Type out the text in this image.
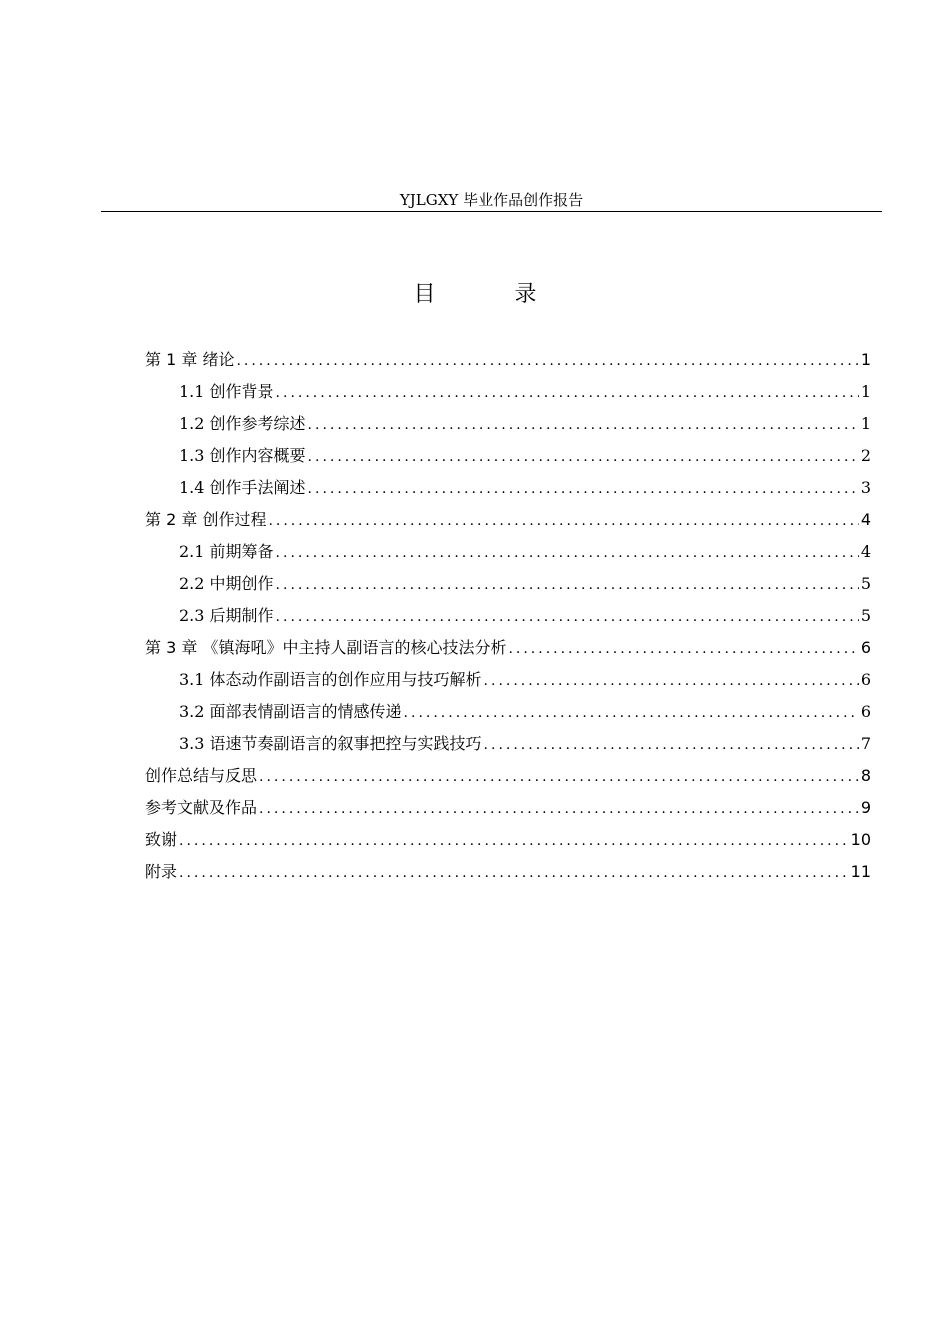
YJLGXY 毕业作品创作报告
目 录
第 1 章 绪论 .....	1
1.1 创作背景 .....	1
1.2 创作参考综述 .....	1
1.3 创作内容概要 .....	2
1.4 创作手法阐述 .....	3
第 2 章 创作过程 .....	4
2.1 前期筹备 .....	4
2.2 中期创作 .....	5
2.3 后期制作 .....	5
第 3 章 《镇海吼》中主持人副语言的核心技法分析 .....	6
3.1 体态动作副语言的创作应用与技巧解析 .....	6
3.2 面部表情副语言的情感传递 .....	6
3.3 语速节奏副语言的叙事把控与实践技巧 .....	7
创作总结与反思 .....	8
参考文献及作品 .....	9
致谢 .....	10
附录 .....	11
